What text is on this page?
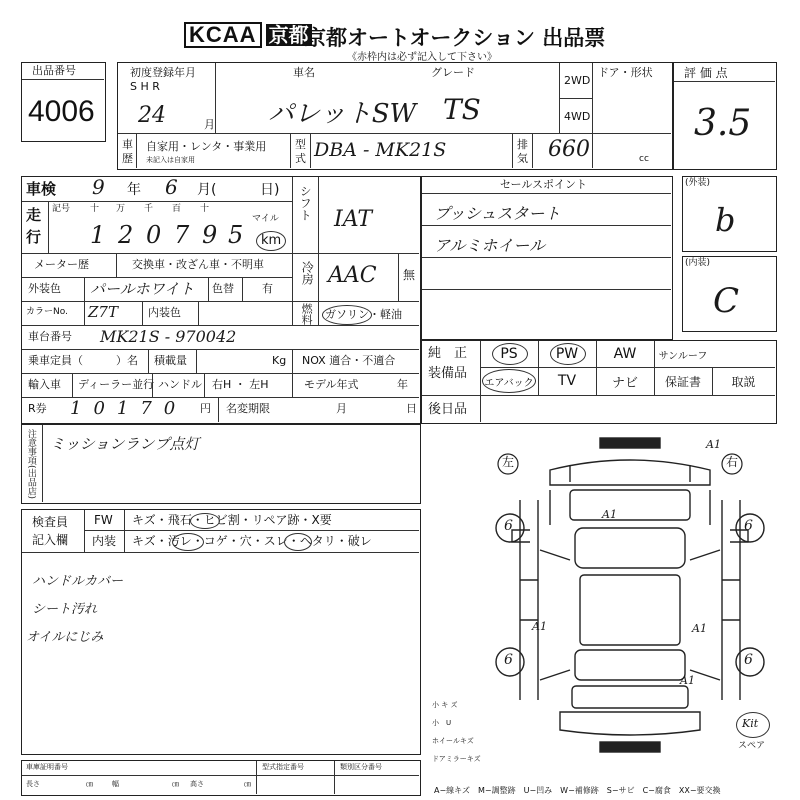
KCAA 京都
京都オートオークション 出品票
《赤枠内は必ず記入して下さい》
出品番号
4006
初度登録年月
S H R
24	月
車名
パレットSW
グレード
TS
2WD
4WD
ドア・形状
車
歴
自家用・レンタ・事業用
未記入は自家用
型
式 DBA - MK21S	排
気 660	cc
評 価 点
3.5
車検 9 年 6 月(	日)
走
行
記号 十 万 千 百 十
マイル
1 2 0 7 9 5 km
メーター歴	交換車・改ざん車・不明車
外装色 パールホワイト 色替	有
カラーNo. Z7T	内装色
車台番号 MK21S - 970042
乗車定員（	）名 積載量	Kg NOX 適合・不適合
輸入車 ディーラー並行 ハンドル 右H ・ 左H	モデル年式	年
R券 10170 円 名変期限	月	日
シフト IAT
冷房 AAC 無
燃料 ガソリン・軽油
セールスポイント
プッシュスタート
アルミホイール
(外装)
b
(内装)
C
純　正
装備品
PS	PW	AW	サンルーフ
エアバック	TV	ナビ	保証書	取説
後日品
注意事項(出品店) ミッションランプ点灯
検査員
記入欄
FW キズ・飛石・ヒビ割・リペア跡・X要
内装 キズ・汚レ・コゲ・穴・スレ・ヘタリ・破レ
ハンドルカバー
シート汚れ
オイルにじみ
左	右
A1
A1
A1	A1
A1
6	6
6	6
Kit
スペア
小 キ ズ
小　U
ホイールキズ
ドアミラーキズ
A−線キズ　M−調整跡　U−凹み　W−補修跡　S−サビ　C−腐食　XX−要交換
車庫証明番号
長さ	㎝	幅	㎝ 高さ	㎝
型式指定番号	類別区分番号
